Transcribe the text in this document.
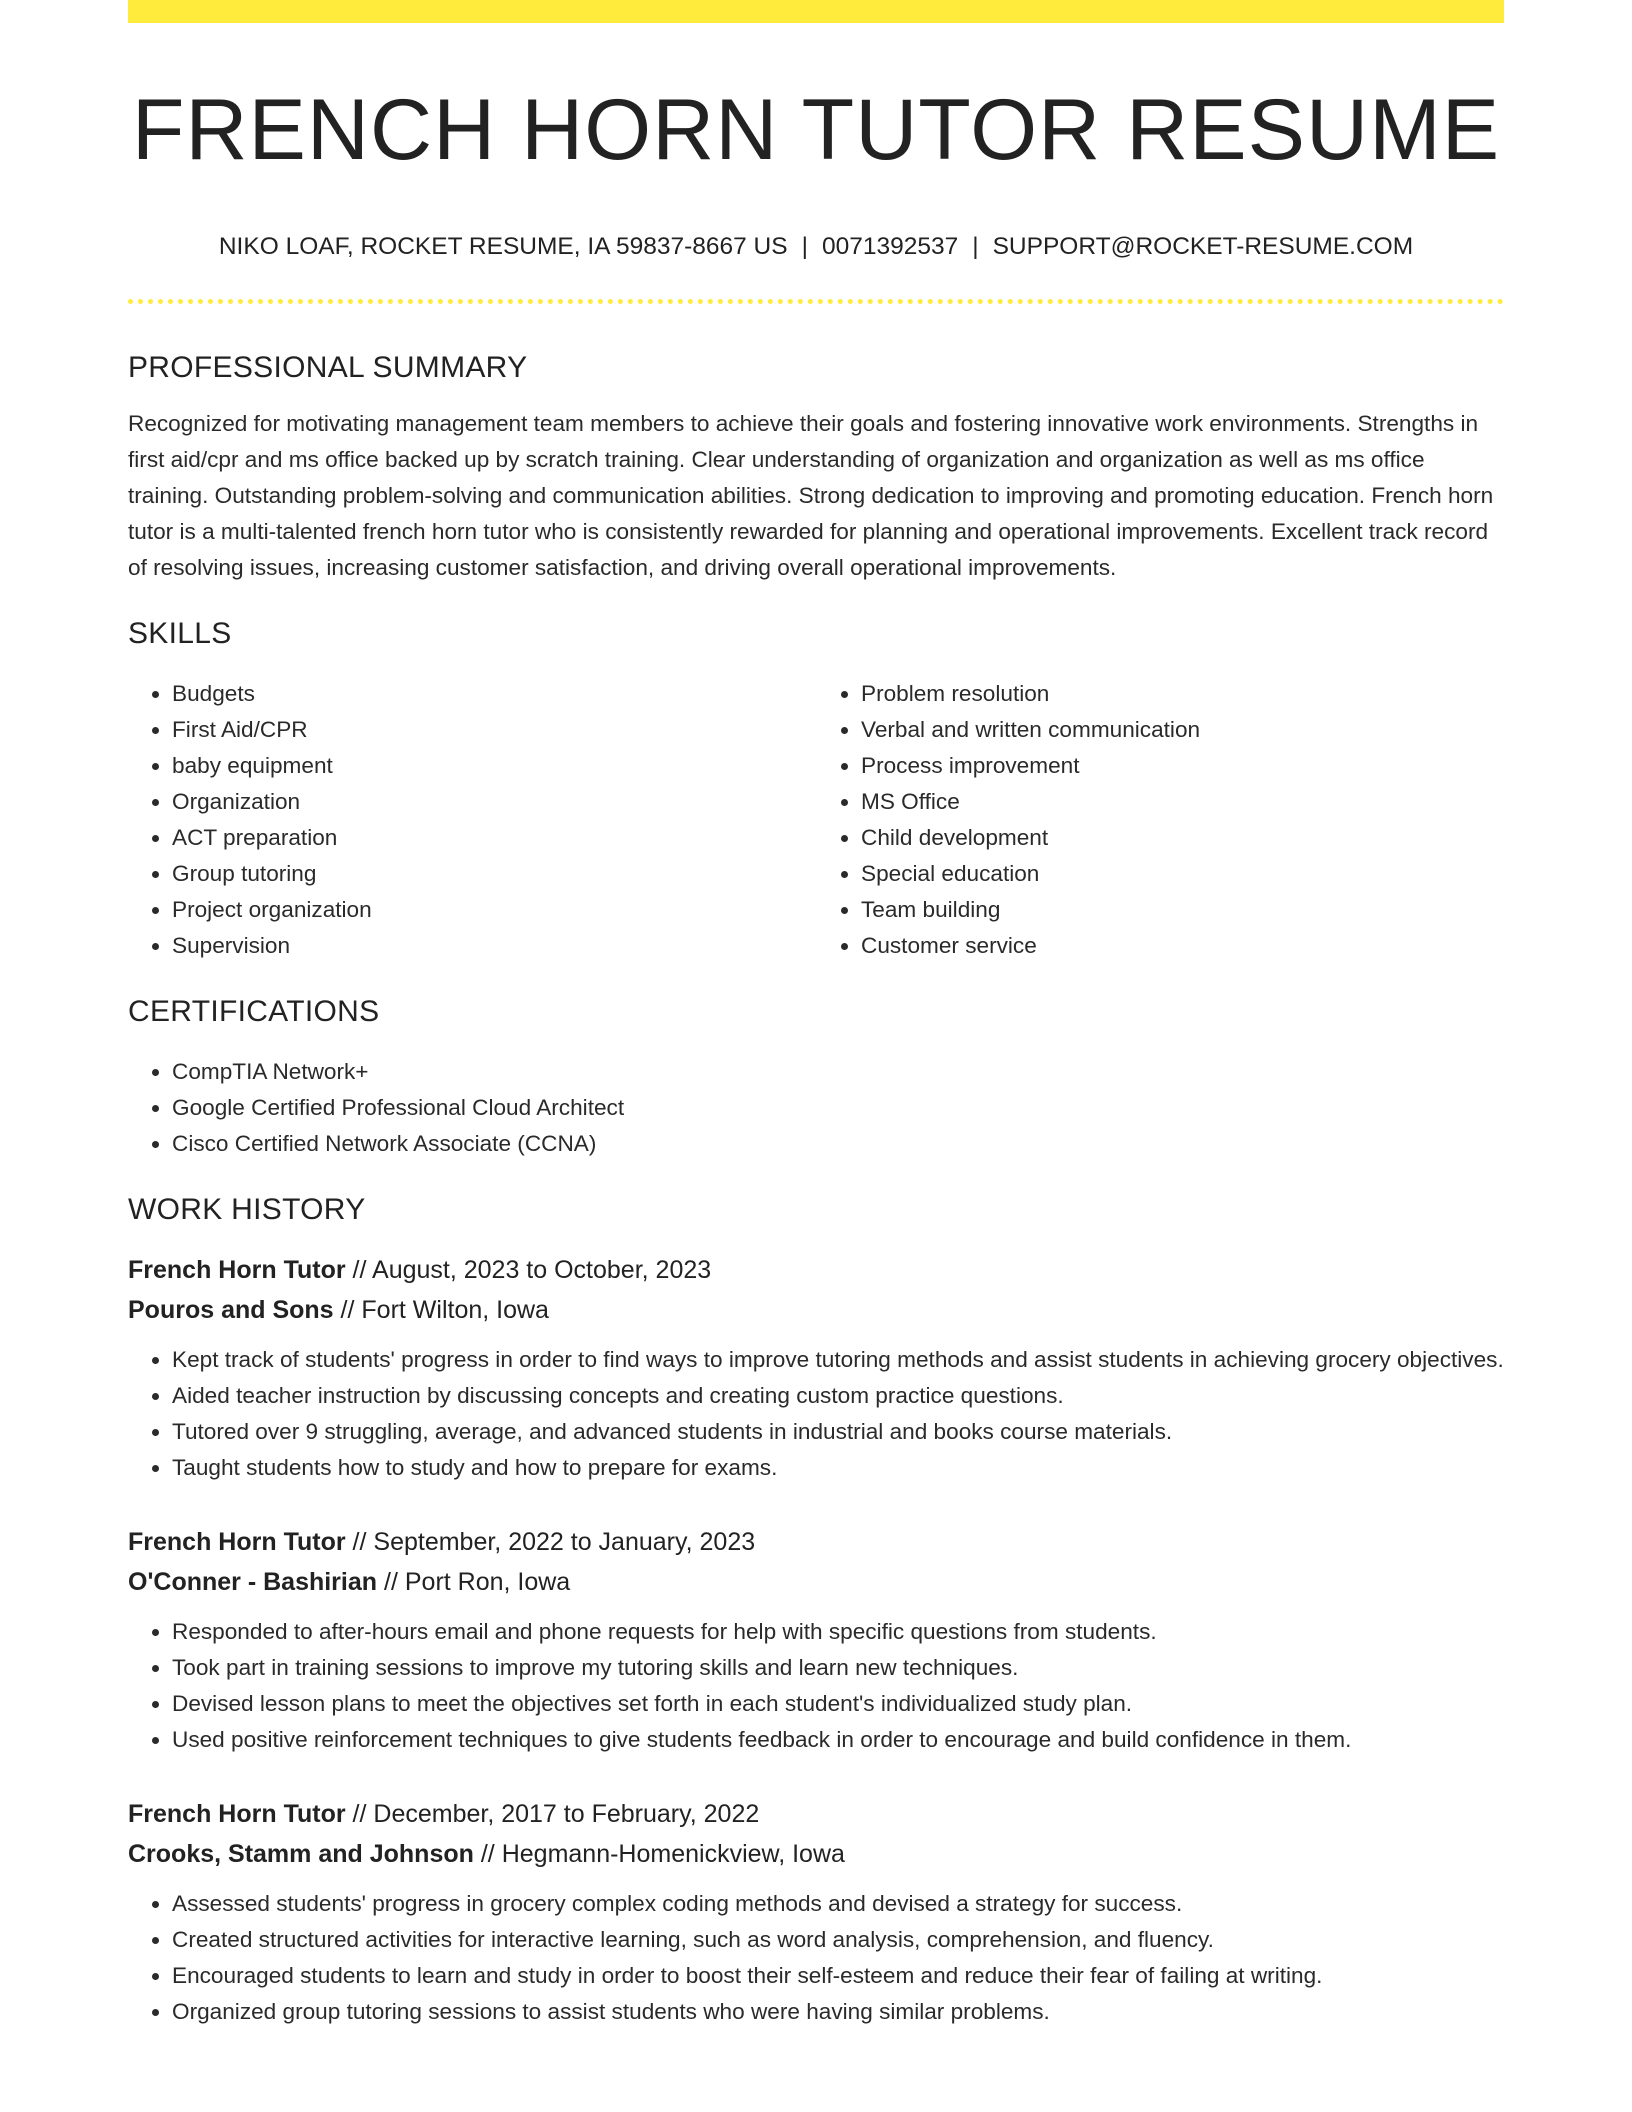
FRENCH HORN TUTOR RESUME
NIKO LOAF, ROCKET RESUME, IA 59837-8667 US | 0071392537 | SUPPORT@ROCKET-RESUME.COM
PROFESSIONAL SUMMARY
Recognized for motivating management team members to achieve their goals and fostering innovative work environments. Strengths in first aid/cpr and ms office backed up by scratch training. Clear understanding of organization and organization as well as ms office training. Outstanding problem-solving and communication abilities. Strong dedication to improving and promoting education. French horn tutor is a multi-talented french horn tutor who is consistently rewarded for planning and operational improvements. Excellent track record of resolving issues, increasing customer satisfaction, and driving overall operational improvements.
SKILLS
• Budgets
• First Aid/CPR
• baby equipment
• Organization
• ACT preparation
• Group tutoring
• Project organization
• Supervision
• Problem resolution
• Verbal and written communication
• Process improvement
• MS Office
• Child development
• Special education
• Team building
• Customer service
CERTIFICATIONS
• CompTIA Network+
• Google Certified Professional Cloud Architect
• Cisco Certified Network Associate (CCNA)
WORK HISTORY
French Horn Tutor // August, 2023 to October, 2023
Pouros and Sons // Fort Wilton, Iowa
• Kept track of students' progress in order to find ways to improve tutoring methods and assist students in achieving grocery objectives.
• Aided teacher instruction by discussing concepts and creating custom practice questions.
• Tutored over 9 struggling, average, and advanced students in industrial and books course materials.
• Taught students how to study and how to prepare for exams.
French Horn Tutor // September, 2022 to January, 2023
O'Conner - Bashirian // Port Ron, Iowa
• Responded to after-hours email and phone requests for help with specific questions from students.
• Took part in training sessions to improve my tutoring skills and learn new techniques.
• Devised lesson plans to meet the objectives set forth in each student's individualized study plan.
• Used positive reinforcement techniques to give students feedback in order to encourage and build confidence in them.
French Horn Tutor // December, 2017 to February, 2022
Crooks, Stamm and Johnson // Hegmann-Homenickview, Iowa
• Assessed students' progress in grocery complex coding methods and devised a strategy for success.
• Created structured activities for interactive learning, such as word analysis, comprehension, and fluency.
• Encouraged students to learn and study in order to boost their self-esteem and reduce their fear of failing at writing.
• Organized group tutoring sessions to assist students who were having similar problems.
